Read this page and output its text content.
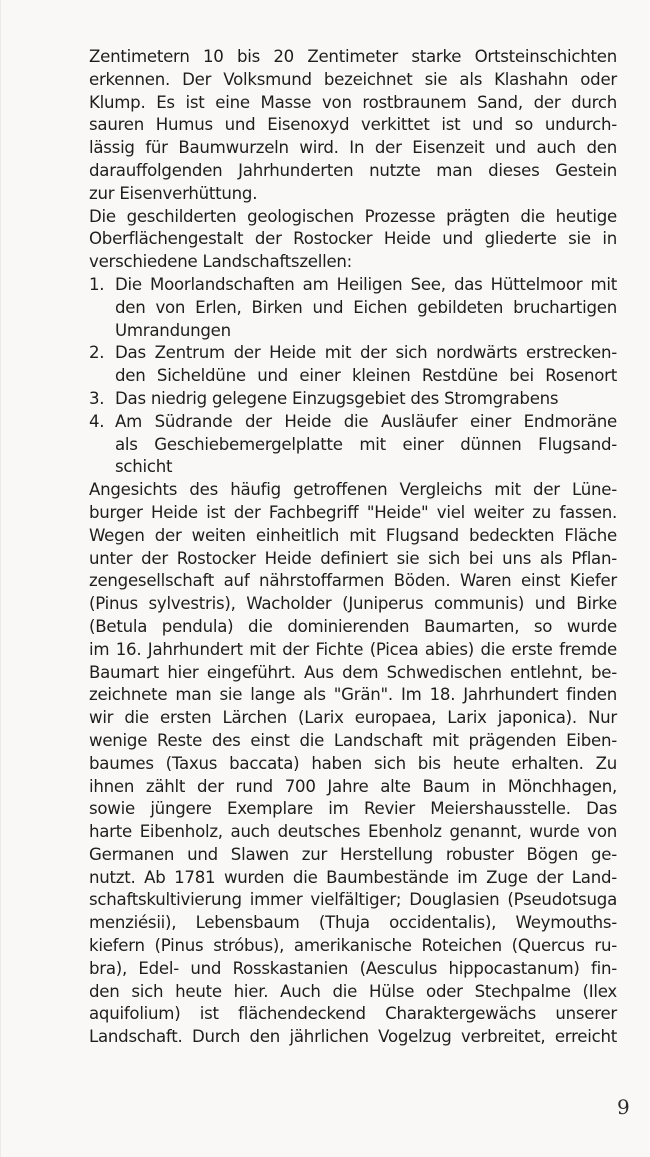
Zentimetern 10 bis 20 Zentimeter starke Ortsteinschichten
erkennen. Der Volksmund bezeichnet sie als Klashahn oder
Klump. Es ist eine Masse von rostbraunem Sand, der durch
sauren Humus und Eisenoxyd verkittet ist und so undurch-
lässig für Baumwurzeln wird. In der Eisenzeit und auch den
darauffolgenden Jahrhunderten nutzte man dieses Gestein
zur Eisenverhüttung.
Die geschilderten geologischen Prozesse prägten die heutige
Oberflächengestalt der Rostocker Heide und gliederte sie in
verschiedene Landschaftszellen:
1. Die Moorlandschaften am Heiligen See, das Hüttelmoor mit
den von Erlen, Birken und Eichen gebildeten bruchartigen
Umrandungen
2. Das Zentrum der Heide mit der sich nordwärts erstrecken-
den Sicheldüne und einer kleinen Restdüne bei Rosenort
3. Das niedrig gelegene Einzugsgebiet des Stromgrabens
4. Am Südrande der Heide die Ausläufer einer Endmoräne
als Geschiebemergelplatte mit einer dünnen Flugsand-
schicht
Angesichts des häufig getroffenen Vergleichs mit der Lüne-
burger Heide ist der Fachbegriff "Heide" viel weiter zu fassen.
Wegen der weiten einheitlich mit Flugsand bedeckten Fläche
unter der Rostocker Heide definiert sie sich bei uns als Pflan-
zengesellschaft auf nährstoffarmen Böden. Waren einst Kiefer
(Pinus sylvestris), Wacholder (Juniperus communis) und Birke
(Betula pendula) die dominierenden Baumarten, so wurde
im 16. Jahrhundert mit der Fichte (Picea abies) die erste fremde
Baumart hier eingeführt. Aus dem Schwedischen entlehnt, be-
zeichnete man sie lange als "Grän". Im 18. Jahrhundert finden
wir die ersten Lärchen (Larix europaea, Larix japonica). Nur
wenige Reste des einst die Landschaft mit prägenden Eiben-
baumes (Taxus baccata) haben sich bis heute erhalten. Zu
ihnen zählt der rund 700 Jahre alte Baum in Mönchhagen,
sowie jüngere Exemplare im Revier Meiershausstelle. Das
harte Eibenholz, auch deutsches Ebenholz genannt, wurde von
Germanen und Slawen zur Herstellung robuster Bögen ge-
nutzt. Ab 1781 wurden die Baumbestände im Zuge der Land-
schaftskultivierung immer vielfältiger; Douglasien (Pseudotsuga
menziésii), Lebensbaum (Thuja occidentalis), Weymouths-
kiefern (Pinus stróbus), amerikanische Roteichen (Quercus ru-
bra), Edel- und Rosskastanien (Aesculus hippocastanum) fin-
den sich heute hier. Auch die Hülse oder Stechpalme (Ilex
aquifolium) ist flächendeckend Charaktergewächs unserer
Landschaft. Durch den jährlichen Vogelzug verbreitet, erreicht
9
